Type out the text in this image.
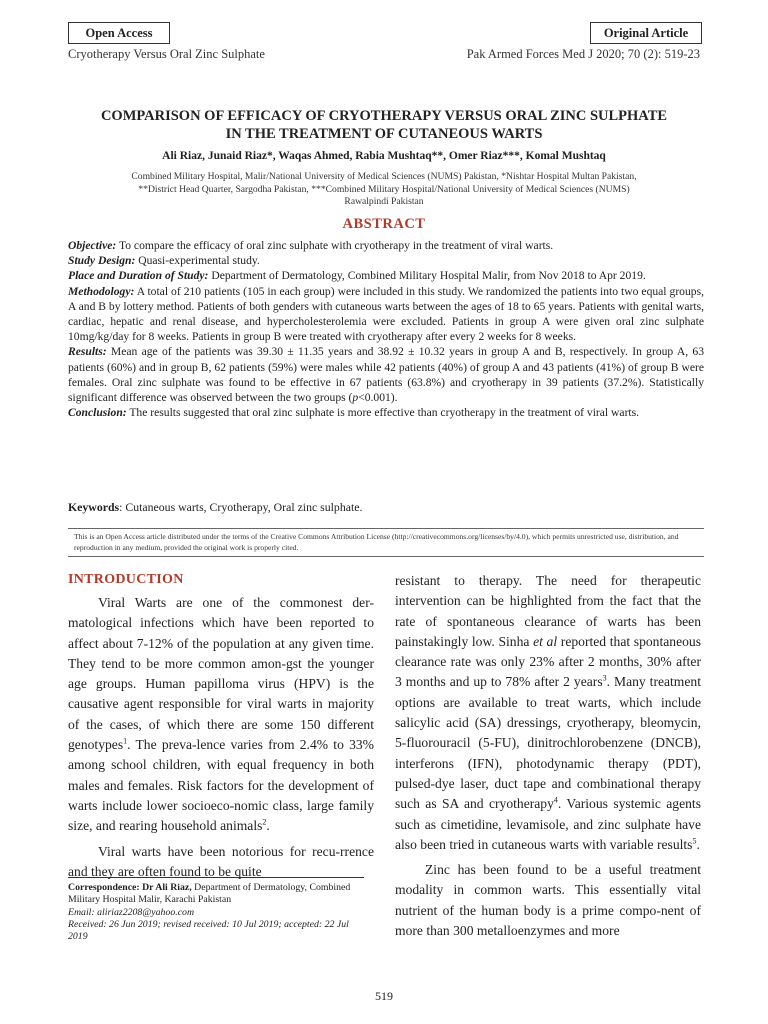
Open Access	Original Article
Cryotherapy Versus Oral Zinc Sulphate	Pak Armed Forces Med J 2020; 70 (2): 519-23
COMPARISON OF EFFICACY OF CRYOTHERAPY VERSUS ORAL ZINC SULPHATE
IN THE TREATMENT OF CUTANEOUS WARTS
Ali Riaz, Junaid Riaz*, Waqas Ahmed, Rabia Mushtaq**, Omer Riaz***, Komal Mushtaq
Combined Military Hospital, Malir/National University of Medical Sciences (NUMS) Pakistan, *Nishtar Hospital Multan Pakistan,
**District Head Quarter, Sargodha Pakistan, ***Combined Military Hospital/National University of Medical Sciences (NUMS)
Rawalpindi Pakistan
ABSTRACT

Objective: To compare the efficacy of oral zinc sulphate with cryotherapy in the treatment of viral warts.

Study Design: Quasi-experimental study.

Place and Duration of Study: Department of Dermatology, Combined Military Hospital Malir, from Nov 2018 to Apr 2019.

Methodology: A total of 210 patients (105 in each group) were included in this study. We randomized the patients into two equal groups, A and B by lottery method. Patients of both genders with cutaneous warts between the ages of 18 to 65 years. Patients with genital warts, cardiac, hepatic and renal disease, and hypercholesterolemia were excluded. Patients in group A were given oral zinc sulphate 10mg/kg/day for 8 weeks. Patients in group B were treated with cryotherapy after every 2 weeks for 8 weeks.

Results: Mean age of the patients was 39.30 ± 11.35 years and 38.92 ± 10.32 years in group A and B, respectively. In group A, 63 patients (60%) and in group B, 62 patients (59%) were males while 42 patients (40%) of group A and 43 patients (41%) of group B were females. Oral zinc sulphate was found to be effective in 67 patients (63.8%) and cryotherapy in 39 patients (37.2%). Statistically significant difference was observed between the two groups (p<0.001).

Conclusion: The results suggested that oral zinc sulphate is more effective than cryotherapy in the treatment of viral warts.

Keywords: Cutaneous warts, Cryotherapy, Oral zinc sulphate.
This is an Open Access article distributed under the terms of the Creative Commons Attribution License (http://creativecommons.org/licenses/by/4.0), which permits unrestricted use, distribution, and reproduction in any medium, provided the original work is properly cited.
INTRODUCTION

Viral Warts are one of the commonest der-matological infections which have been reported to affect about 7-12% of the population at any given time. They tend to be more common amon-gst the younger age groups. Human papilloma virus (HPV) is the causative agent responsible for viral warts in majority of the cases, of which there are some 150 different genotypes$^1$. The preva-lence varies from 2.4% to 33% among school children, with equal frequency in both males and females. Risk factors for the development of warts include lower socioeco-nomic class, large family size, and rearing household animals$^2$.

Viral warts have been notorious for recu-rrence and they are often found to be quite

Correspondence: Dr Ali Riaz, Department of Dermatology, Combined Military Hospital Malir, Karachi Pakistan
Email: aliriaz2208@yahoo.com
Received: 26 Jun 2019; revised received: 10 Jul 2019; accepted: 22 Jul 2019

resistant to therapy. The need for therapeutic intervention can be highlighted from the fact that the rate of spontaneous clearance of warts has been painstakingly low. Sinha et al reported that spontaneous clearance rate was only 23% after 2 months, 30% after 3 months and up to 78% after 2 years$^3$. Many treatment options are available to treat warts, which include salicylic acid (SA) dressings, cryotherapy, bleomycin, 5-fluorouracil (5-FU), dinitrochlorobenzene (DNCB), interferons (IFN), photodynamic therapy (PDT), pulsed-dye laser, duct tape and combinational therapy such as SA and cryotherapy$^4$. Various systemic agents such as cimetidine, levamisole, and zinc sulphate have also been tried in cutaneous warts with variable results$^5$.

Zinc has been found to be a useful treatment modality in common warts. This essentially vital nutrient of the human body is a prime compo-nent of more than 300 metalloenzymes and more

519
